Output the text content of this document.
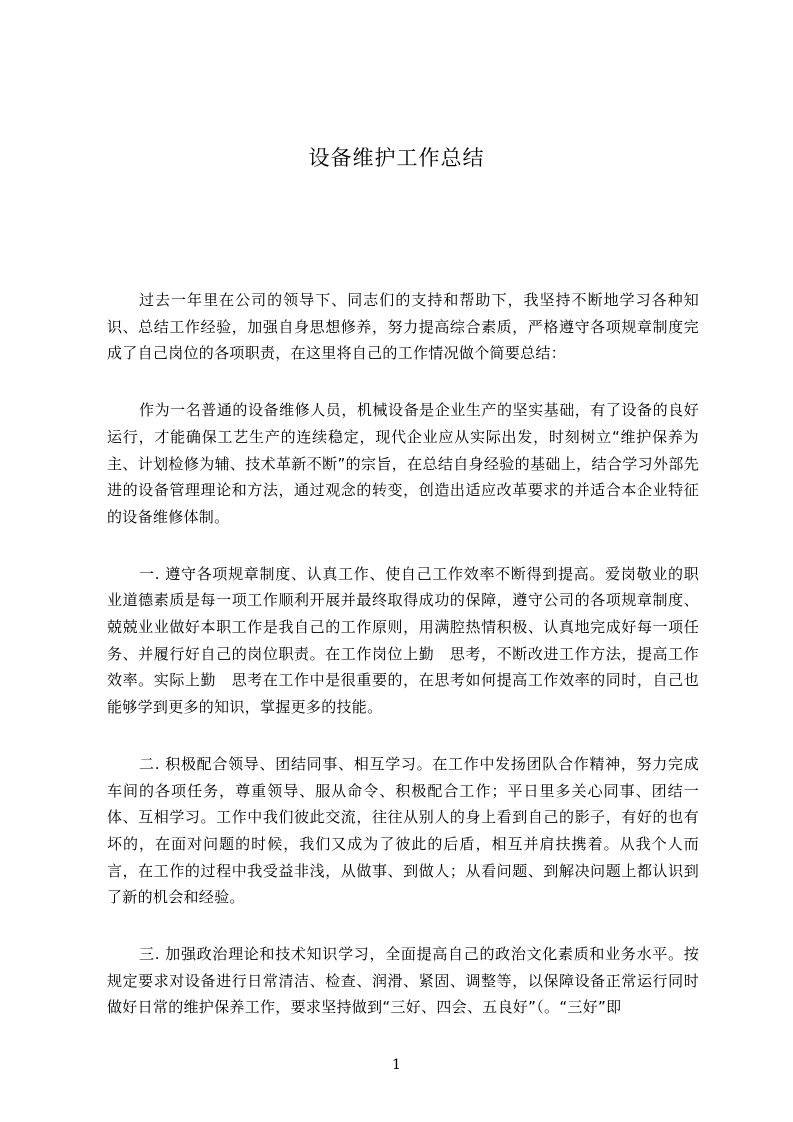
设备维护工作总结

过去一年里在公司的领导下、同志们的支持和帮助下，我坚持不断地学习各种知识、总结工作经验，加强自身思想修养，努力提高综合素质，严格遵守各项规章制度完成了自己岗位的各项职责，在这里将自己的工作情况做个简要总结：

作为一名普通的设备维修人员，机械设备是企业生产的坚实基础，有了设备的良好运行，才能确保工艺生产的连续稳定，现代企业应从实际出发，时刻树立“维护保养为主、计划检修为辅、技术革新不断”的宗旨，在总结自身经验的基础上，结合学习外部先进的设备管理理论和方法，通过观念的转变，创造出适应改革要求的并适合本企业特征的设备维修体制。

一. 遵守各项规章制度、认真工作、使自己工作效率不断得到提高。爱岗敬业的职业道德素质是每一项工作顺利开展并最终取得成功的保障，遵守公司的各项规章制度、兢兢业业做好本职工作是我自己的工作原则，用满腔热情积极、认真地完成好每一项任务、并履行好自己的岗位职责。在工作岗位上勤　思考，不断改进工作方法，提高工作效率。实际上勤　思考在工作中是很重要的，在思考如何提高工作效率的同时，自己也能够学到更多的知识，掌握更多的技能。

二. 积极配合领导、团结同事、相互学习。在工作中发扬团队合作精神，努力完成车间的各项任务，尊重领导、服从命令、积极配合工作；平日里多关心同事、团结一体、互相学习。工作中我们彼此交流，往往从别人的身上看到自己的影子，有好的也有坏的，在面对问题的时候，我们又成为了彼此的后盾，相互并肩扶携着。从我个人而言，在工作的过程中我受益非浅，从做事、到做人；从看问题、到解决问题上都认识到了新的机会和经验。

三. 加强政治理论和技术知识学习，全面提高自己的政治文化素质和业务水平。按规定要求对设备进行日常清洁、检查、润滑、紧固、调整等，以保障设备正常运行同时做好日常的维护保养工作，要求坚持做到“三好、四会、五良好”（。“三好”即

1
